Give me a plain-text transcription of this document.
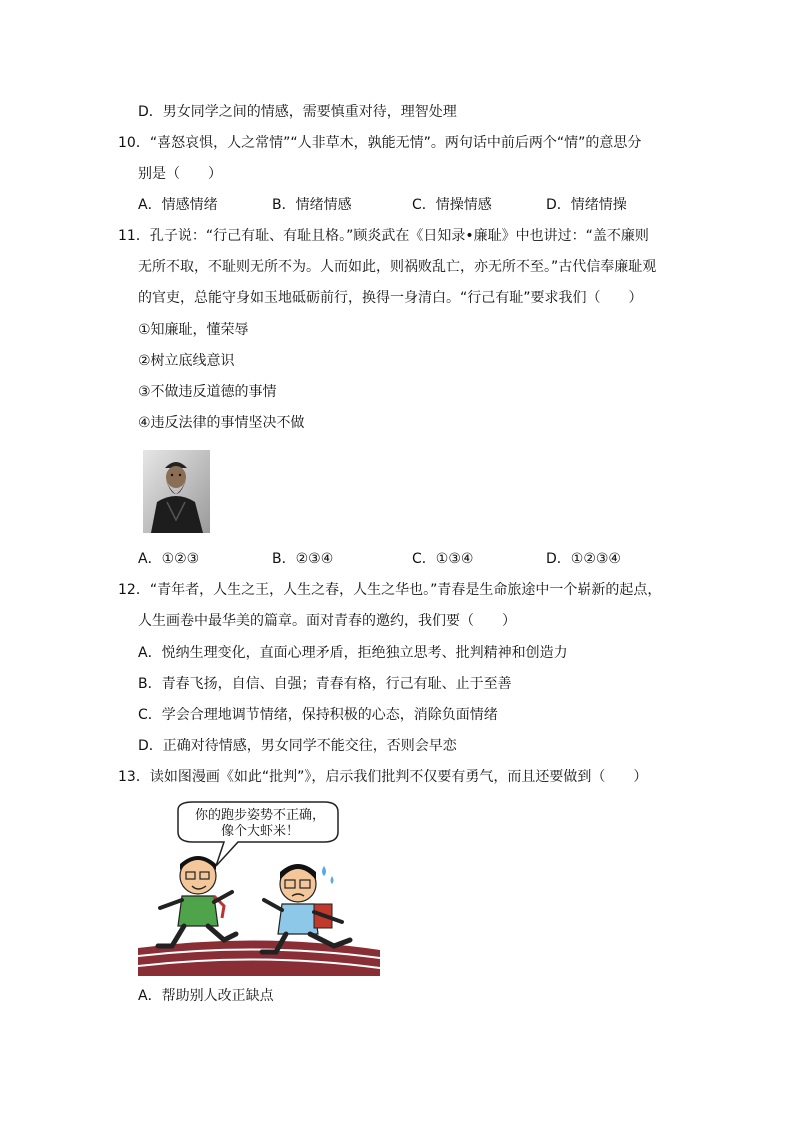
D．男女同学之间的情感，需要慎重对待，理智处理
10．“喜怒哀惧，人之常情”“人非草木，孰能无情”。两句话中前后两个“情”的意思分
别是（　　）
A．情感情绪	B．情绪情感	C．情操情感	D．情绪情操
11．孔子说：“行己有耻、有耻且格。”顾炎武在《日知录•廉耻》中也讲过：“盖不廉则
无所不取，不耻则无所不为。人而如此，则祸败乱亡，亦无所不至。”古代信奉廉耻观
的官吏，总能守身如玉地砥砺前行，换得一身清白。“行己有耻”要求我们（　　）
①知廉耻，懂荣辱
②树立底线意识
③不做违反道德的事情
④违反法律的事情坚决不做
A．①②③	B．②③④	C．①③④	D．①②③④
12．“青年者，人生之王，人生之春，人生之华也。”青春是生命旅途中一个崭新的起点，
人生画卷中最华美的篇章。面对青春的邀约，我们要（　　）
A．悦纳生理变化，直面心理矛盾，拒绝独立思考、批判精神和创造力
B．青春飞扬，自信、自强；青春有格，行己有耻、止于至善
C．学会合理地调节情绪，保持积极的心态，消除负面情绪
D．正确对待情感，男女同学不能交往，否则会早恋
13．读如图漫画《如此“批判”》，启示我们批判不仅要有勇气，而且还要做到（　　）
你的跑步姿势不正确，
像个大虾米！
A．帮助别人改正缺点
